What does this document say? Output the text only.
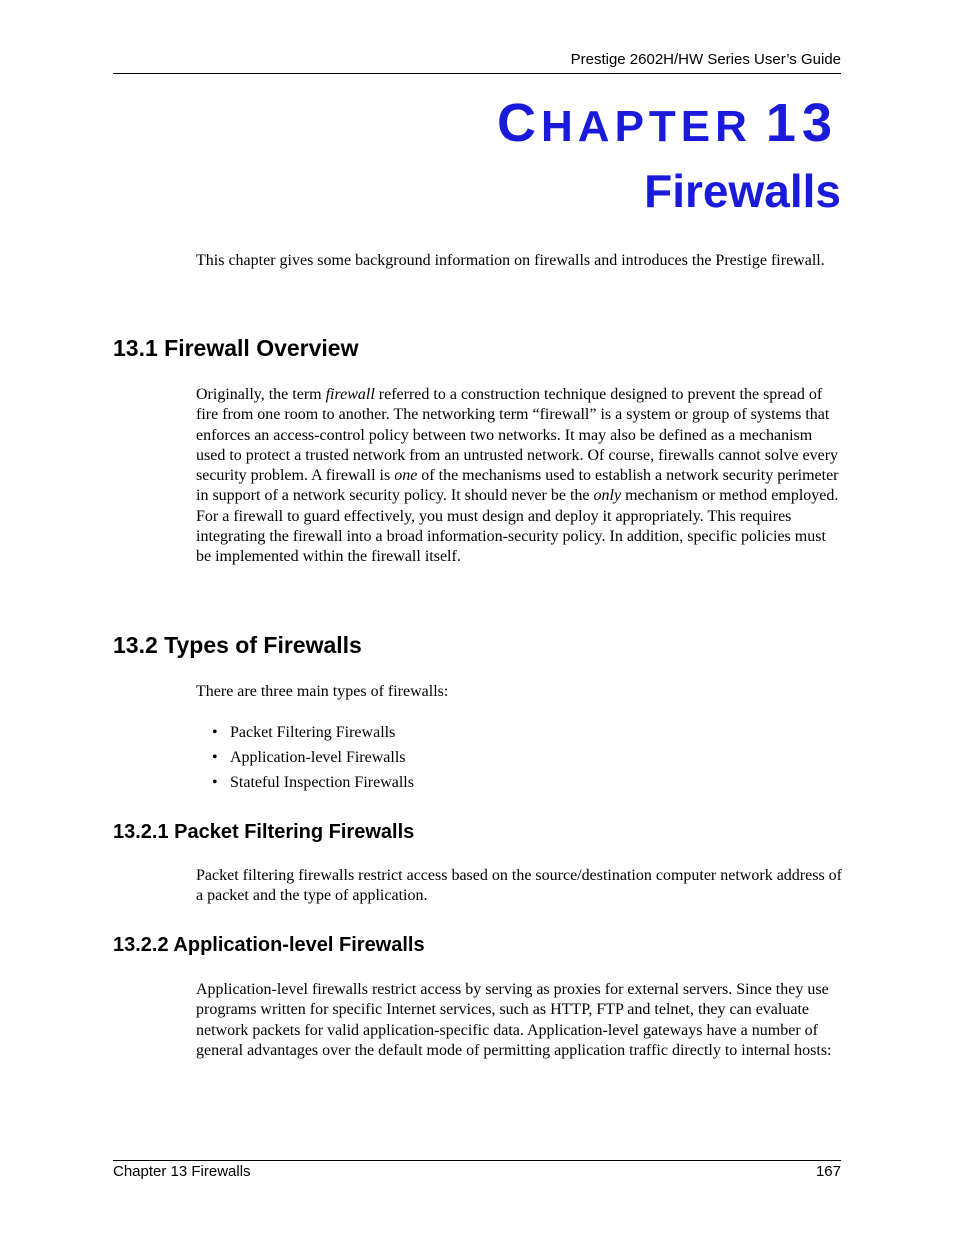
Prestige 2602H/HW Series User’s Guide
CHAPTER 13
Firewalls

This chapter gives some background information on firewalls and introduces the Prestige firewall.

13.1 Firewall Overview

Originally, the term firewall referred to a construction technique designed to prevent the spread of fire from one room to another. The networking term “firewall” is a system or group of systems that enforces an access-control policy between two networks. It may also be defined as a mechanism used to protect a trusted network from an untrusted network. Of course, firewalls cannot solve every security problem. A firewall is one of the mechanisms used to establish a network security perimeter in support of a network security policy. It should never be the only mechanism or method employed. For a firewall to guard effectively, you must design and deploy it appropriately. This requires integrating the firewall into a broad information-security policy. In addition, specific policies must be implemented within the firewall itself.

13.2 Types of Firewalls

There are three main types of firewalls:

• Packet Filtering Firewalls
• Application-level Firewalls
• Stateful Inspection Firewalls
13.2.1 Packet Filtering Firewalls

Packet filtering firewalls restrict access based on the source/destination computer network address of a packet and the type of application.

13.2.2 Application-level Firewalls

Application-level firewalls restrict access by serving as proxies for external servers. Since they use programs written for specific Internet services, such as HTTP, FTP and telnet, they can evaluate network packets for valid application-specific data. Application-level gateways have a number of general advantages over the default mode of permitting application traffic directly to internal hosts:

Chapter 13 Firewalls	167
